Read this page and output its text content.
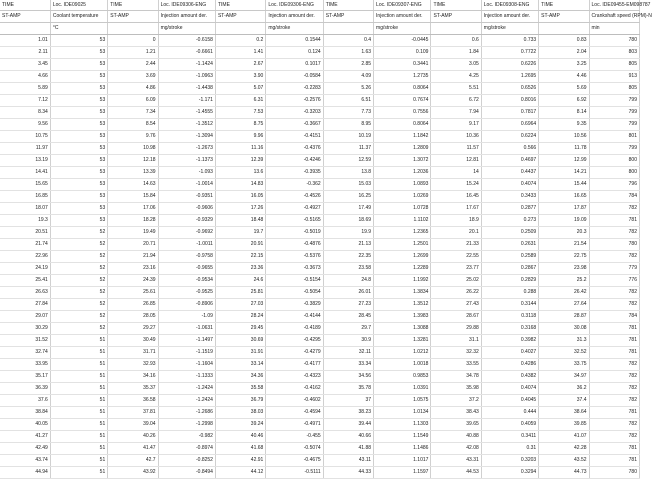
TIME	Loc. IDE09025	TIME	Loc. IDE09306-ENG	TIME	Loc. IDE09306-ENG	TIME	Loc. IDE09307-ENG	TIME	Loc. IDE09308-ENG	TIME	Loc. IDE09455-EM098787
ST-AMP	Coolant temperature	ST-AMP	Injection amount der.	ST-AMP	Injection amount der.	ST-AMP	Injection amount der.	ST-AMP	Injection amount der.	ST-AMP	Crankshaft speed (RPM)-N
	°C		mg/stroke		mg/stroke		mg/stroke		mg/stroke		min
1.01	53	0	-0.6158	0.2	0.1544	0.4	-0.0445	0.6	0.733	0.83	780
2.11	53	1.21	-0.6661	1.41	0.124	1.63	0.109	1.84	0.7722	2.04	803
3.45	53	2.44	-1.1424	2.67	0.1017	2.85	0.3441	3.05	0.6226	3.25	805
4.66	53	3.69	-1.0963	3.90	-0.0584	4.09	1.2735	4.25	1.2695	4.46	913
5.89	53	4.86	-1.4438	5.07	-0.2283	5.26	0.8064	5.51	0.6526	5.69	805
7.12	53	6.09	-1.171	6.31	-0.2576	6.51	0.7674	6.72	0.8016	6.92	799
8.34	53	7.34	-1.4555	7.53	-0.3203	7.73	0.7556	7.94	0.7817	8.14	799
9.56	53	8.54	-1.3512	8.75	-0.3667	8.95	0.8064	9.17	0.6964	9.35	799
10.75	53	9.76	-1.3094	9.96	-0.4151	10.19	1.1842	10.36	0.6224	10.56	801
11.97	53	10.98	-1.2673	11.16	-0.4376	11.37	1.2809	11.57	0.566	11.78	799
13.19	53	12.18	-1.1373	12.39	-0.4246	12.59	1.3072	12.81	0.4697	12.99	800
14.41	53	13.39	-1.093	13.6	-0.3935	13.8	1.2036	14	0.4437	14.21	800
15.65	53	14.63	-1.0014	14.83	-0.362	15.03	1.0893	15.24	0.4074	15.44	796
16.85	53	15.84	-0.9351	16.05	-0.4526	16.25	1.0269	16.45	0.3433	16.65	784
18.07	53	17.06	-0.9606	17.26	-0.4927	17.49	1.0728	17.67	0.2877	17.87	782
19.3	53	18.28	-0.9329	18.48	-0.5165	18.69	1.1102	18.9	0.273	19.09	781
20.51	52	19.49	-0.9692	19.7	-0.5019	19.9	1.2365	20.1	0.2509	20.3	782
21.74	52	20.71	-1.0011	20.91	-0.4876	21.13	1.2501	21.33	0.2631	21.54	780
22.96	52	21.94	-0.9758	22.15	-0.5376	22.35	1.2699	22.55	0.2589	22.75	782
24.19	52	23.16	-0.9655	23.36	-0.3673	23.58	1.2289	23.77	0.2867	23.98	779
25.41	52	24.39	-0.9534	24.6	-0.5154	24.8	1.1992	25.02	0.2829	25.2	776
26.63	52	25.61	-0.9525	25.81	-0.5054	26.01	1.3834	26.22	0.288	26.42	782
27.84	52	26.85	-0.8906	27.03	-0.3829	27.23	1.3512	27.43	0.3144	27.64	782
29.07	52	28.05	-1.09	28.24	-0.4144	28.45	1.3983	28.67	0.3118	28.87	784
30.29	52	29.27	-1.0631	29.45	-0.4189	29.7	1.3088	29.88	0.3168	30.08	781
31.52	51	30.49	-1.1497	30.69	-0.4295	30.9	1.3281	31.1	0.3982	31.3	781
32.74	51	31.71	-1.1519	31.91	-0.4279	32.11	1.0212	32.32	0.4027	32.52	781
33.95	51	32.93	-1.1604	33.14	-0.4177	33.34	1.0018	33.55	0.4286	33.75	782
35.17	51	34.16	-1.1333	34.36	-0.4323	34.56	0.9853	34.78	0.4382	34.97	782
36.39	51	35.37	-1.2424	35.58	-0.4162	35.78	1.0391	35.98	0.4074	36.2	782
37.6	51	36.58	-1.2424	36.79	-0.4602	37	1.0575	37.2	0.4045	37.4	782
38.84	51	37.81	-1.2686	38.03	-0.4594	38.23	1.0134	38.43	0.444	38.64	781
40.05	51	39.04	-1.2998	39.24	-0.4971	39.44	1.1303	39.65	0.4059	39.85	782
41.27	51	40.26	-0.982	40.46	-0.455	40.66	1.1549	40.88	0.3411	41.07	782
42.49	51	41.47	-0.8974	41.68	-0.5074	41.88	1.1486	42.08	0.31	42.28	781
43.74	51	42.7	-0.8252	42.91	-0.4675	43.11	1.1017	43.31	0.3203	43.52	781
44.94	51	43.92	-0.8494	44.12	-0.5111	44.33	1.1597	44.53	0.3294	44.73	780
